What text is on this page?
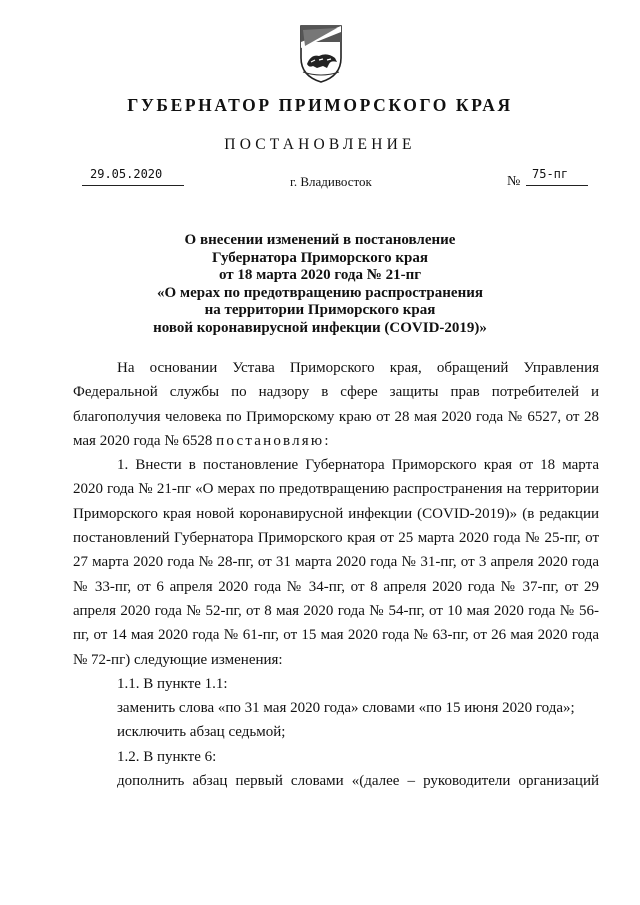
ГУБЕРНАТОР ПРИМОРСКОГО КРАЯ
ПОСТАНОВЛЕНИЕ
29.05.2020	г. Владивосток	№ 75-пг
О внесении изменений в постановление
Губернатора Приморского края
от 18 марта 2020 года № 21-пг
«О мерах по предотвращению распространения
на территории Приморского края
новой коронавирусной инфекции (COVID-2019)»

На основании Устава Приморского края, обращений Управления Федеральной службы по надзору в сфере защиты прав потребителей и благополучия человека по Приморскому краю от 28 мая 2020 года № 6527, от 28 мая 2020 года № 6528 постановляю:

1. Внести в постановление Губернатора Приморского края от 18 марта 2020 года № 21-пг «О мерах по предотвращению распространения на территории Приморского края новой коронавирусной инфекции (COVID-2019)» (в редакции постановлений Губернатора Приморского края от 25 марта 2020 года № 25-пг, от 27 марта 2020 года № 28-пг, от 31 марта 2020 года № 31-пг, от 3 апреля 2020 года № 33-пг, от 6 апреля 2020 года № 34-пг, от 8 апреля 2020 года № 37-пг, от 29 апреля 2020 года № 52-пг, от 8 мая 2020 года № 54-пг, от 10 мая 2020 года № 56-пг, от 14 мая 2020 года № 61-пг, от 15 мая 2020 года № 63-пг, от 26 мая 2020 года № 72-пг) следующие изменения:

1.1. В пункте 1.1:

заменить слова «по 31 мая 2020 года» словами «по 15 июня 2020 года»;

исключить абзац седьмой;

1.2. В пункте 6:

дополнить абзац первый словами «(далее – руководители организаций
